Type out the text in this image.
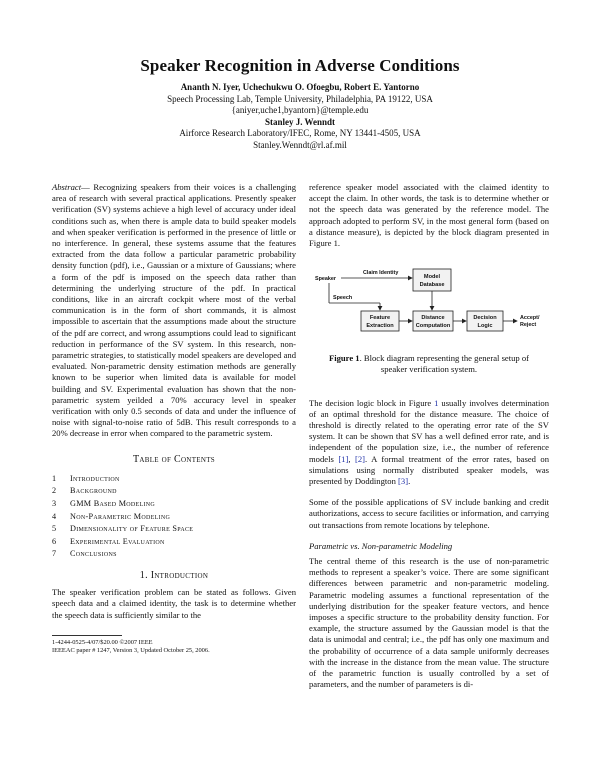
Speaker Recognition in Adverse Conditions
Ananth N. Iyer, Uchechukwu O. Ofoegbu, Robert E. Yantorno
Speech Processing Lab, Temple University, Philadelphia, PA 19122, USA
{aniyer,uche1,byantorn}@temple.edu
Stanley J. Wenndt
Airforce Research Laboratory/IFEC, Rome, NY 13441-4505, USA
Stanley.Wenndt@rl.af.mil

Abstract— Recognizing speakers from their voices is a challenging area of research with several practical applications. Presently speaker verification (SV) systems achieve a high level of accuracy under ideal conditions such as, when there is ample data to build speaker models and when speaker verification is performed in the presence of little or no interference. In general, these systems assume that the features extracted from the data follow a particular parametric probability density function (pdf), i.e., Gaussian or a mixture of Gaussians; where a form of the pdf is imposed on the speech data rather than determining the underlying structure of the pdf. In practical conditions, like in an aircraft cockpit where most of the verbal communication is in the form of short commands, it is almost impossible to ascertain that the assumptions made about the structure of the pdf are correct, and wrong assumptions could lead to significant reduction in performance of the SV system. In this research, non-parametric strategies, to statistically model speakers are developed and evaluated. Non-parametric density estimation methods are generally known to be superior when limited data is available for model building and SV. Experimental evaluation has shown that the non-parametric system yeilded a 70% accuracy level in speaker verification with only 0.5 seconds of data and under the influence of noise with signal-to-noise ratio of 5dB. This result corresponds to a 20% decrease in error when compared to the parametric system.

Table of Contents
1	Introduction
2	Background
3	GMM Based Modeling
4	Non-Parametric Modeling
5	Dimensionality of Feature Space
6	Experimental Evaluation
7	Conclusions
1. Introduction

The speaker verification problem can be stated as follows. Given speech data and a claimed identity, the task is to determine whether the speech data is sufficiently similar to the

1-4244-0525-4/07/$20.00 ©2007 IEEE
IEEEAC paper # 1247, Version 3, Updated October 25, 2006.

reference speaker model associated with the claimed identity to accept the claim. In other words, the task is to determine whether or not the speech data was generated by the reference model. The approach adopted to perform SV, in the most general form (based on a distance measure), is depicted by the block diagram presented in Figure 1.

Model
Database
Feature
Extraction
Distance
Computation
Decision
Logic
Speaker
Claim Identity
Speech
Accept/
Reject
Figure 1. Block diagram representing the general setup of speaker verification system.

The decision logic block in Figure 1 usually involves determination of an optimal threshold for the distance measure. The choice of threshold is directly related to the operating error rate of the SV system. It can be shown that SV has a well defined error rate, and is independent of the population size, i.e., the number of reference models [1], [2]. A formal treatment of the error rates, based on simulations using normally distributed speaker models, was presented by Doddington [3].

Some of the possible applications of SV include banking and credit authorizations, access to secure facilities or information, and carrying out transactions from remote locations by telephone.

Parametric vs. Non-parametric Modeling

The central theme of this research is the use of non-parametric methods to represent a speaker’s voice. There are some significant differences between parametric and non-parametric modeling. Parametric modeling assumes a functional representation of the underlying distribution for the speaker feature vectors, and hence imposes a specific structure to the probability density function. For example, the structure assumed by the Gaussian model is that the data is unimodal and central; i.e., the pdf has only one maximum and the probability of occurrence of a data sample uniformly decreases with the increase in the distance from the mean value. The structure of the parametric function is usually controlled by a set of parameters, and the number of parameters is di-
